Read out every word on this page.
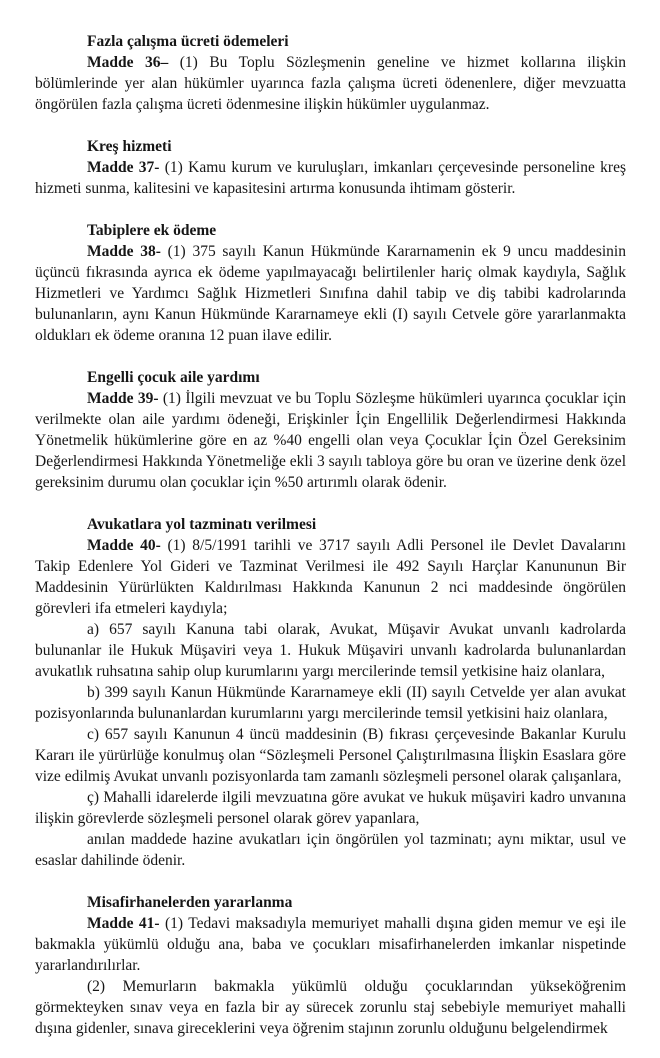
Fazla çalışma ücreti ödemeleri

Madde 36– (1) Bu Toplu Sözleşmenin geneline ve hizmet kollarına ilişkin bölümlerinde yer alan hükümler uyarınca fazla çalışma ücreti ödenenlere, diğer mevzuatta öngörülen fazla çalışma ücreti ödenmesine ilişkin hükümler uygulanmaz.

Kreş hizmeti

Madde 37- (1) Kamu kurum ve kuruluşları, imkanları çerçevesinde personeline kreş hizmeti sunma, kalitesini ve kapasitesini artırma konusunda ihtimam gösterir.

Tabiplere ek ödeme

Madde 38- (1) 375 sayılı Kanun Hükmünde Kararnamenin ek 9 uncu maddesinin üçüncü fıkrasında ayrıca ek ödeme yapılmayacağı belirtilenler hariç olmak kaydıyla, Sağlık Hizmetleri ve Yardımcı Sağlık Hizmetleri Sınıfına dahil tabip ve diş tabibi kadrolarında bulunanların, aynı Kanun Hükmünde Kararnameye ekli (I) sayılı Cetvele göre yararlanmakta oldukları ek ödeme oranına 12 puan ilave edilir.

Engelli çocuk aile yardımı

Madde 39- (1) İlgili mevzuat ve bu Toplu Sözleşme hükümleri uyarınca çocuklar için verilmekte olan aile yardımı ödeneği, Erişkinler İçin Engellilik Değerlendirmesi Hakkında Yönetmelik hükümlerine göre en az %40 engelli olan veya Çocuklar İçin Özel Gereksinim Değerlendirmesi Hakkında Yönetmeliğe ekli 3 sayılı tabloya göre bu oran ve üzerine denk özel gereksinim durumu olan çocuklar için %50 artırımlı olarak ödenir.

Avukatlara yol tazminatı verilmesi

Madde 40- (1) 8/5/1991 tarihli ve 3717 sayılı Adli Personel ile Devlet Davalarını Takip Edenlere Yol Gideri ve Tazminat Verilmesi ile 492 Sayılı Harçlar Kanununun Bir Maddesinin Yürürlükten Kaldırılması Hakkında Kanunun 2 nci maddesinde öngörülen görevleri ifa etmeleri kaydıyla;

a) 657 sayılı Kanuna tabi olarak, Avukat, Müşavir Avukat unvanlı kadrolarda bulunanlar ile Hukuk Müşaviri veya 1. Hukuk Müşaviri unvanlı kadrolarda bulunanlardan avukatlık ruhsatına sahip olup kurumlarını yargı mercilerinde temsil yetkisine haiz olanlara,

b) 399 sayılı Kanun Hükmünde Kararnameye ekli (II) sayılı Cetvelde yer alan avukat pozisyonlarında bulunanlardan kurumlarını yargı mercilerinde temsil yetkisini haiz olanlara,

c) 657 sayılı Kanunun 4 üncü maddesinin (B) fıkrası çerçevesinde Bakanlar Kurulu Kararı ile yürürlüğe konulmuş olan “Sözleşmeli Personel Çalıştırılmasına İlişkin Esaslara göre vize edilmiş Avukat unvanlı pozisyonlarda tam zamanlı sözleşmeli personel olarak çalışanlara,

ç) Mahalli idarelerde ilgili mevzuatına göre avukat ve hukuk müşaviri kadro unvanına ilişkin görevlerde sözleşmeli personel olarak görev yapanlara,

anılan maddede hazine avukatları için öngörülen yol tazminatı; aynı miktar, usul ve esaslar dahilinde ödenir.

Misafirhanelerden yararlanma

Madde 41- (1) Tedavi maksadıyla memuriyet mahalli dışına giden memur ve eşi ile bakmakla yükümlü olduğu ana, baba ve çocukları misafirhanelerden imkanlar nispetinde yararlandırılırlar.

(2) Memurların bakmakla yükümlü olduğu çocuklarından yükseköğrenim görmekteyken sınav veya en fazla bir ay sürecek zorunlu staj sebebiyle memuriyet mahalli dışına gidenler, sınava gireceklerini veya öğrenim stajının zorunlu olduğunu belgelendirmek
